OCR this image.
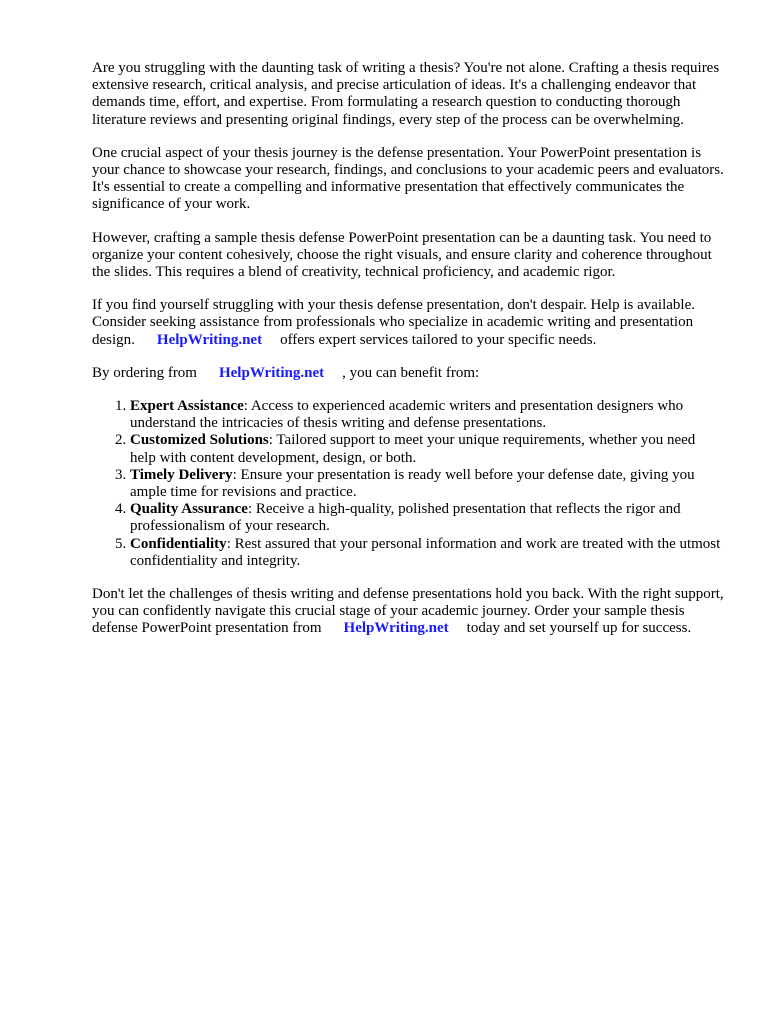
Are you struggling with the daunting task of writing a thesis? You're not alone. Crafting a thesis requires extensive research, critical analysis, and precise articulation of ideas. It's a challenging endeavor that demands time, effort, and expertise. From formulating a research question to conducting thorough literature reviews and presenting original findings, every step of the process can be overwhelming.

One crucial aspect of your thesis journey is the defense presentation. Your PowerPoint presentation is your chance to showcase your research, findings, and conclusions to your academic peers and evaluators. It's essential to create a compelling and informative presentation that effectively communicates the significance of your work.

However, crafting a sample thesis defense PowerPoint presentation can be a daunting task. You need to organize your content cohesively, choose the right visuals, and ensure clarity and coherence throughout the slides. This requires a blend of creativity, technical proficiency, and academic rigor.

If you find yourself struggling with your thesis defense presentation, don't despair. Help is available. Consider seeking assistance from professionals who specialize in academic writing and presentation design. HelpWriting.net offers expert services tailored to your specific needs.

By ordering from HelpWriting.net , you can benefit from:

1. Expert Assistance: Access to experienced academic writers and presentation designers who understand the intricacies of thesis writing and defense presentations.
2. Customized Solutions: Tailored support to meet your unique requirements, whether you need help with content development, design, or both.
3. Timely Delivery: Ensure your presentation is ready well before your defense date, giving you ample time for revisions and practice.
4. Quality Assurance: Receive a high-quality, polished presentation that reflects the rigor and professionalism of your research.
5. Confidentiality: Rest assured that your personal information and work are treated with the utmost confidentiality and integrity.

Don't let the challenges of thesis writing and defense presentations hold you back. With the right support, you can confidently navigate this crucial stage of your academic journey. Order your sample thesis defense PowerPoint presentation from HelpWriting.net today and set yourself up for success.
